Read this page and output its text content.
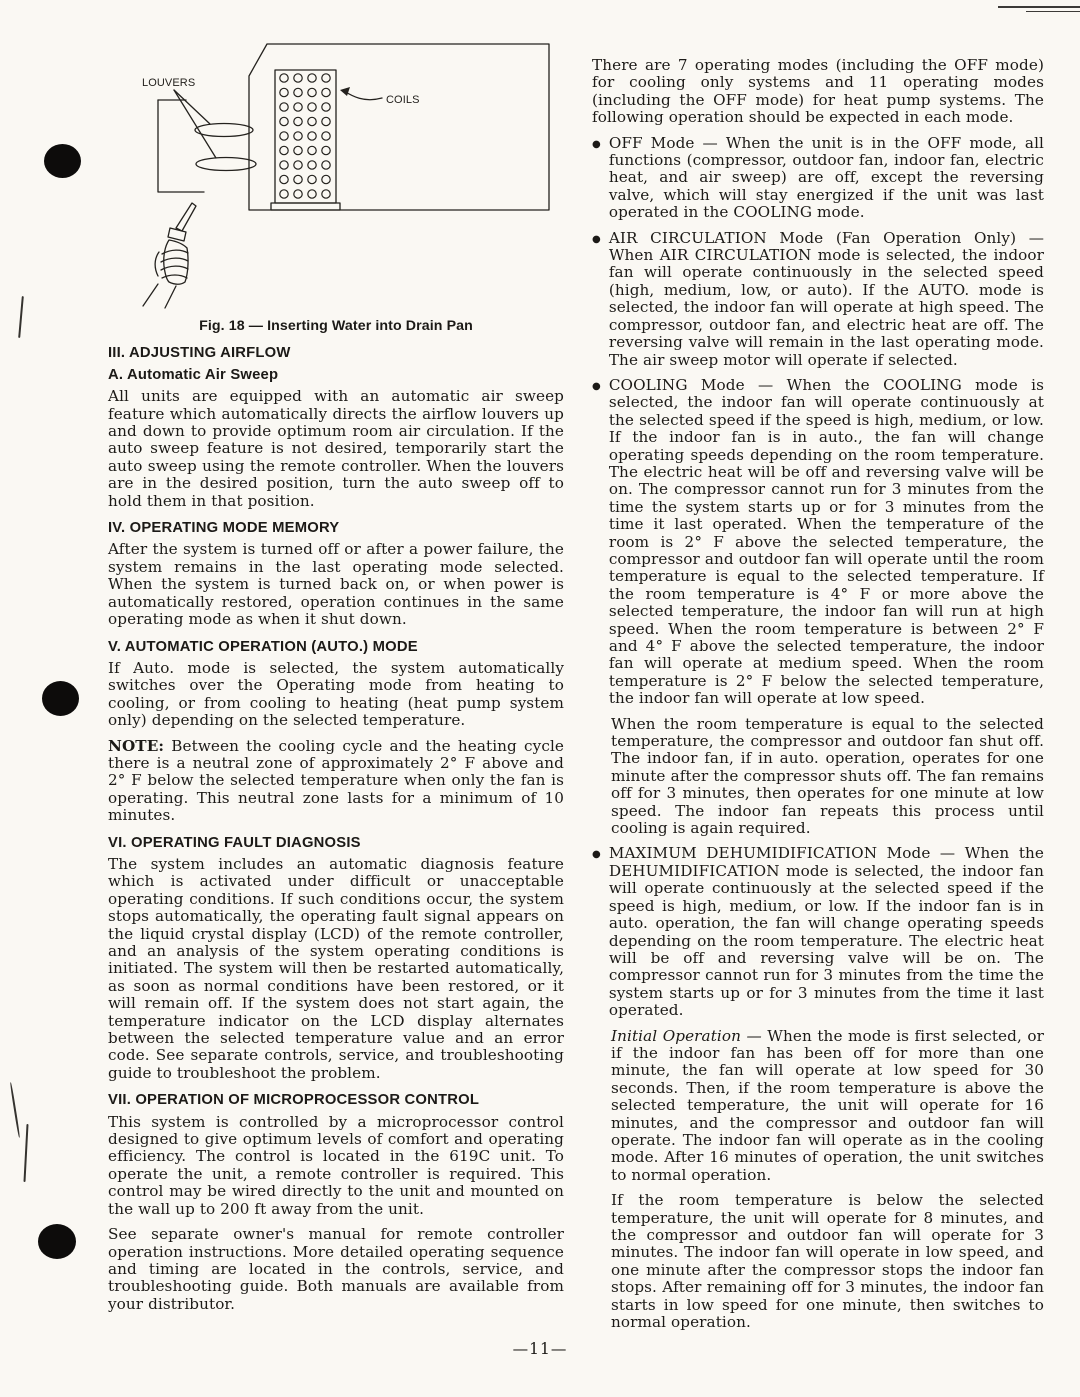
LOUVERS
COILS
Fig. 18 — Inserting Water into Drain Pan
III. ADJUSTING AIRFLOW
A. Automatic Air Sweep

All units are equipped with an automatic air sweep feature which automatically directs the airflow louvers up and down to provide optimum room air circulation. If the auto sweep feature is not desired, temporarily start the auto sweep using the remote controller. When the louvers are in the desired position, turn the auto sweep off to hold them in that position.

IV. OPERATING MODE MEMORY

After the system is turned off or after a power failure, the system remains in the last operating mode selected. When the system is turned back on, or when power is automatically restored, operation continues in the same operating mode as when it shut down.

V. AUTOMATIC OPERATION (AUTO.) MODE

If Auto. mode is selected, the system automatically switches over the Operating mode from heating to cooling, or from cooling to heating (heat pump system only) depending on the selected temperature.

NOTE: Between the cooling cycle and the heating cycle there is a neutral zone of approximately 2° F above and 2° F below the selected temperature when only the fan is operating. This neutral zone lasts for a minimum of 10 minutes.

VI. OPERATING FAULT DIAGNOSIS

The system includes an automatic diagnosis feature which is activated under difficult or unacceptable operating conditions. If such conditions occur, the system stops automatically, the operating fault signal appears on the liquid crystal display (LCD) of the remote controller, and an analysis of the system operating conditions is initiated. The system will then be restarted automatically, as soon as normal conditions have been restored, or it will remain off. If the system does not start again, the temperature indicator on the LCD display alternates between the selected temperature value and an error code. See separate controls, service, and troubleshooting guide to troubleshoot the problem.

VII. OPERATION OF MICROPROCESSOR CONTROL

This system is controlled by a microprocessor control designed to give optimum levels of comfort and operating efficiency. The control is located in the 619C unit. To operate the unit, a remote controller is required. This control may be wired directly to the unit and mounted on the wall up to 200 ft away from the unit.

See separate owner's manual for remote controller operation instructions. More detailed operating sequence and timing are located in the controls, service, and troubleshooting guide. Both manuals are available from your distributor.

There are 7 operating modes (including the OFF mode) for cooling only systems and 11 operating modes (including the OFF mode) for heat pump systems. The following operation should be expected in each mode.

● OFF Mode — When the unit is in the OFF mode, all functions (compressor, outdoor fan, indoor fan, electric heat, and air sweep) are off, except the reversing valve, which will stay energized if the unit was last operated in the COOLING mode.
● AIR CIRCULATION Mode (Fan Operation Only) — When AIR CIRCULATION mode is selected, the indoor fan will operate continuously in the selected speed (high, medium, low, or auto). If the AUTO. mode is selected, the indoor fan will operate at high speed. The compressor, outdoor fan, and electric heat are off. The reversing valve will remain in the last operating mode. The air sweep motor will operate if selected.
● COOLING Mode — When the COOLING mode is selected, the indoor fan will operate continuously at the selected speed if the speed is high, medium, or low. If the indoor fan is in auto., the fan will change operating speeds depending on the room temperature. The electric heat will be off and reversing valve will be on. The compressor cannot run for 3 minutes from the time the system starts up or for 3 minutes from the time it last operated. When the temperature of the room is 2° F above the selected temperature, the compressor and outdoor fan will operate until the room temperature is equal to the selected temperature. If the room temperature is 4° F or more above the selected temperature, the indoor fan will run at high speed. When the room temperature is between 2° F and 4° F above the selected temperature, the indoor fan will operate at medium speed. When the room temperature is 2° F below the selected temperature, the indoor fan will operate at low speed.

When the room temperature is equal to the selected temperature, the compressor and outdoor fan shut off. The indoor fan, if in auto. operation, operates for one minute after the compressor shuts off. The fan remains off for 3 minutes, then operates for one minute at low speed. The indoor fan repeats this process until cooling is again required.

● MAXIMUM DEHUMIDIFICATION Mode — When the DEHUMIDIFICATION mode is selected, the indoor fan will operate continuously at the selected speed if the speed is high, medium, or low. If the indoor fan is in auto. operation, the fan will change operating speeds depending on the room temperature. The electric heat will be off and reversing valve will be on. The compressor cannot run for 3 minutes from the time the system starts up or for 3 minutes from the time it last operated.

Initial Operation — When the mode is first selected, or if the indoor fan has been off for more than one minute, the fan will operate at low speed for 30 seconds. Then, if the room temperature is above the selected temperature, the unit will operate for 16 minutes, and the compressor and outdoor fan will operate. The indoor fan will operate as in the cooling mode. After 16 minutes of operation, the unit switches to normal operation.

If the room temperature is below the selected temperature, the unit will operate for 8 minutes, and the compressor and outdoor fan will operate for 3 minutes. The indoor fan will operate in low speed, and one minute after the compressor stops the indoor fan stops. After remaining off for 3 minutes, the indoor fan starts in low speed for one minute, then switches to normal operation.

—11—
